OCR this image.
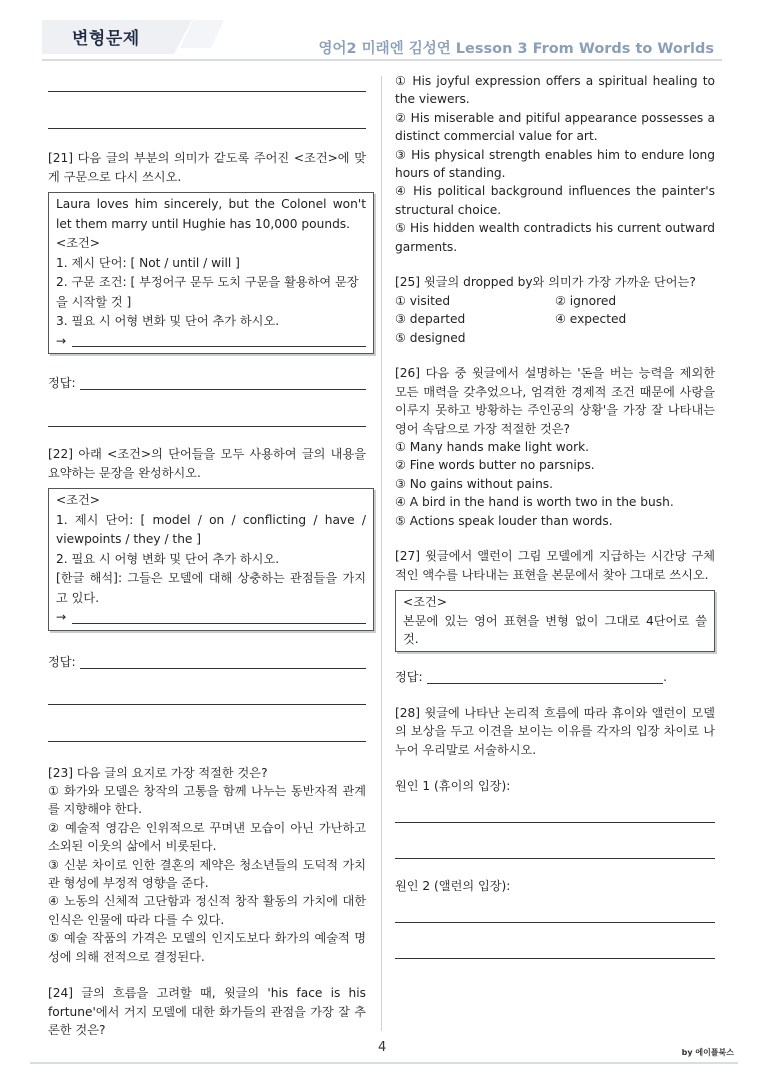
변형문제	영어2 미래엔 김성연 Lesson 3 From Words to Worlds
[21] 다음 글의 부분의 의미가 같도록 주어진 <조건>에 맞게 구문으로 다시 쓰시오.
Laura loves him sincerely, but the Colonel won't let them marry until Hughie has 10,000 pounds.
<조건>
1. 제시 단어: [ Not / until / will ]
2. 구문 조건: [ 부정어구 문두 도치 구문을 활용하여 문장을 시작할 것 ]
3. 필요 시 어형 변화 및 단어 추가 하시오.
→
정답:
[22] 아래 <조건>의 단어들을 모두 사용하여 글의 내용을 요약하는 문장을 완성하시오.
<조건>
1. 제시 단어: [ model / on / conflicting / have / viewpoints / they / the ]
2. 필요 시 어형 변화 및 단어 추가 하시오.
[한글 해석]: 그들은 모델에 대해 상충하는 관점들을 가지고 있다.
→
정답:
[23] 다음 글의 요지로 가장 적절한 것은?
① 화가와 모델은 창작의 고통을 함께 나누는 동반자적 관계를 지향해야 한다.
② 예술적 영감은 인위적으로 꾸며낸 모습이 아닌 가난하고 소외된 이웃의 삶에서 비롯된다.
③ 신분 차이로 인한 결혼의 제약은 청소년들의 도덕적 가치관 형성에 부정적 영향을 준다.
④ 노동의 신체적 고단함과 정신적 창작 활동의 가치에 대한 인식은 인물에 따라 다를 수 있다.
⑤ 예술 작품의 가격은 모델의 인지도보다 화가의 예술적 명성에 의해 전적으로 결정된다.
[24] 글의 흐름을 고려할 때, 윗글의 'his face is his fortune'에서 거지 모델에 대한 화가들의 관점을 가장 잘 추론한 것은?
① His joyful expression offers a spiritual healing to the viewers.
② His miserable and pitiful appearance possesses a distinct commercial value for art.
③ His physical strength enables him to endure long hours of standing.
④ His political background influences the painter's structural choice.
⑤ His hidden wealth contradicts his current outward garments.
[25] 윗글의 dropped by와 의미가 가장 가까운 단어는?
① visited	② ignored
③ departed	④ expected
⑤ designed
[26] 다음 중 윗글에서 설명하는 '돈을 버는 능력을 제외한 모든 매력을 갖추었으나, 엄격한 경제적 조건 때문에 사랑을 이루지 못하고 방황하는 주인공의 상황'을 가장 잘 나타내는 영어 속담으로 가장 적절한 것은?
① Many hands make light work.
② Fine words butter no parsnips.
③ No gains without pains.
④ A bird in the hand is worth two in the bush.
⑤ Actions speak louder than words.
[27] 윗글에서 앨런이 그림 모델에게 지급하는 시간당 구체적인 액수를 나타내는 표현을 본문에서 찾아 그대로 쓰시오.
<조건>
본문에 있는 영어 표현을 변형 없이 그대로 4단어로 쓸 것.
정답:	.
[28] 윗글에 나타난 논리적 흐름에 따라 휴이와 앨런이 모델의 보상을 두고 이견을 보이는 이유를 각자의 입장 차이로 나누어 우리말로 서술하시오.
원인 1 (휴이의 입장):
원인 2 (앨런의 입장):
4	by 에이플북스
